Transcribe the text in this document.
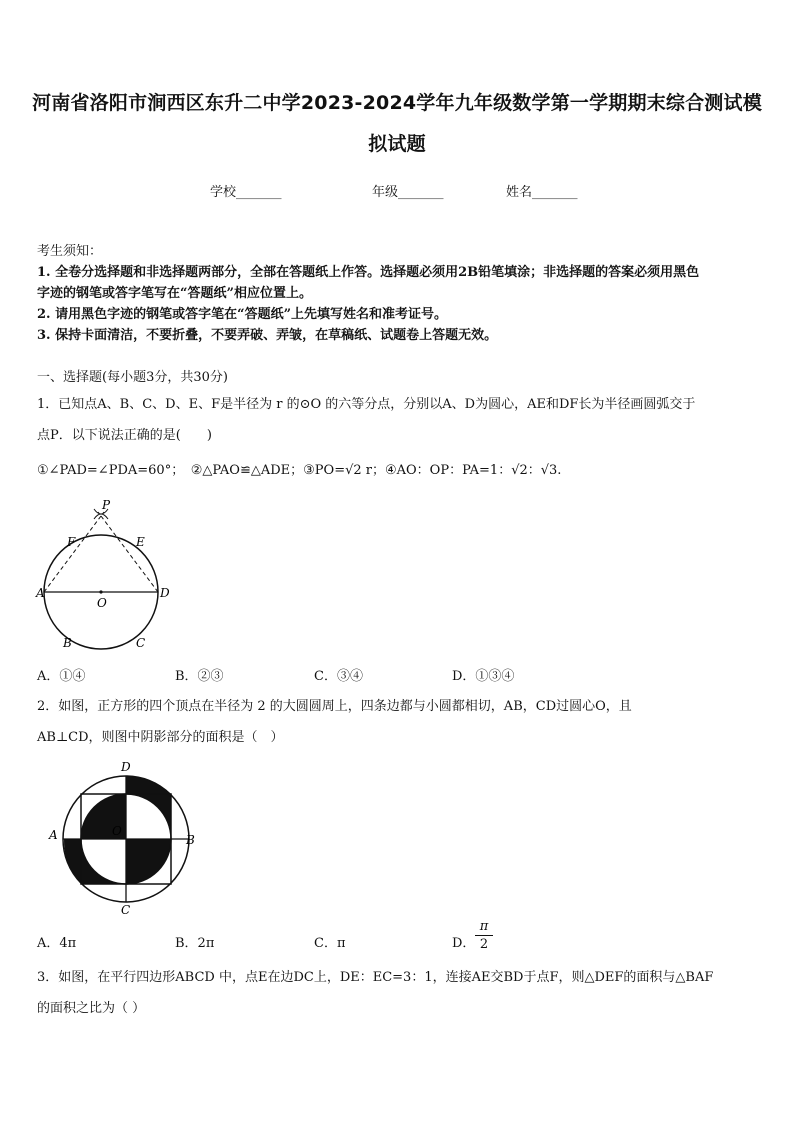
河南省洛阳市涧西区东升二中学2023-2024学年九年级数学第一学期期末综合测试模
拟试题
学校_______	年级_______	姓名_______
考生须知：
1. 全卷分选择题和非选择题两部分，全部在答题纸上作答。选择题必须用2B铅笔填涂；非选择题的答案必须用黑色
字迹的钢笔或答字笔写在“答题纸”相应位置上。
2. 请用黑色字迹的钢笔或答字笔在“答题纸”上先填写姓名和准考证号。
3. 保持卡面清洁，不要折叠，不要弄破、弄皱，在草稿纸、试题卷上答题无效。
一、选择题(每小题3分，共30分)
1．已知点A、B、C、D、E、F是半径为 r 的⊙O 的六等分点，分别以A、D为圆心，AE和DF长为半径画圆弧交于
点P．以下说法正确的是(　　)
①∠PAD=∠PDA=60°；　②△PAO≌△ADE；③PO=√2 r；④AO：OP：PA=1：√2：√3.
P
F	E
A
O
D
B	C
A．①④	B．②③	C．③④	D．①③④
2．如图，正方形的四个顶点在半径为 2 的大圆圆周上，四条边都与小圆都相切，AB，CD过圆心O，且
AB⊥CD，则图中阴影部分的面积是（　）
D
A	O
B
C
A．4π	B．2π	C．π	D． $\frac{\pi}{2}$
3．如图，在平行四边形ABCD 中，点E在边DC上，DE：EC=3：1，连接AE交BD于点F，则△DEF的面积与△BAF
的面积之比为（ ）
